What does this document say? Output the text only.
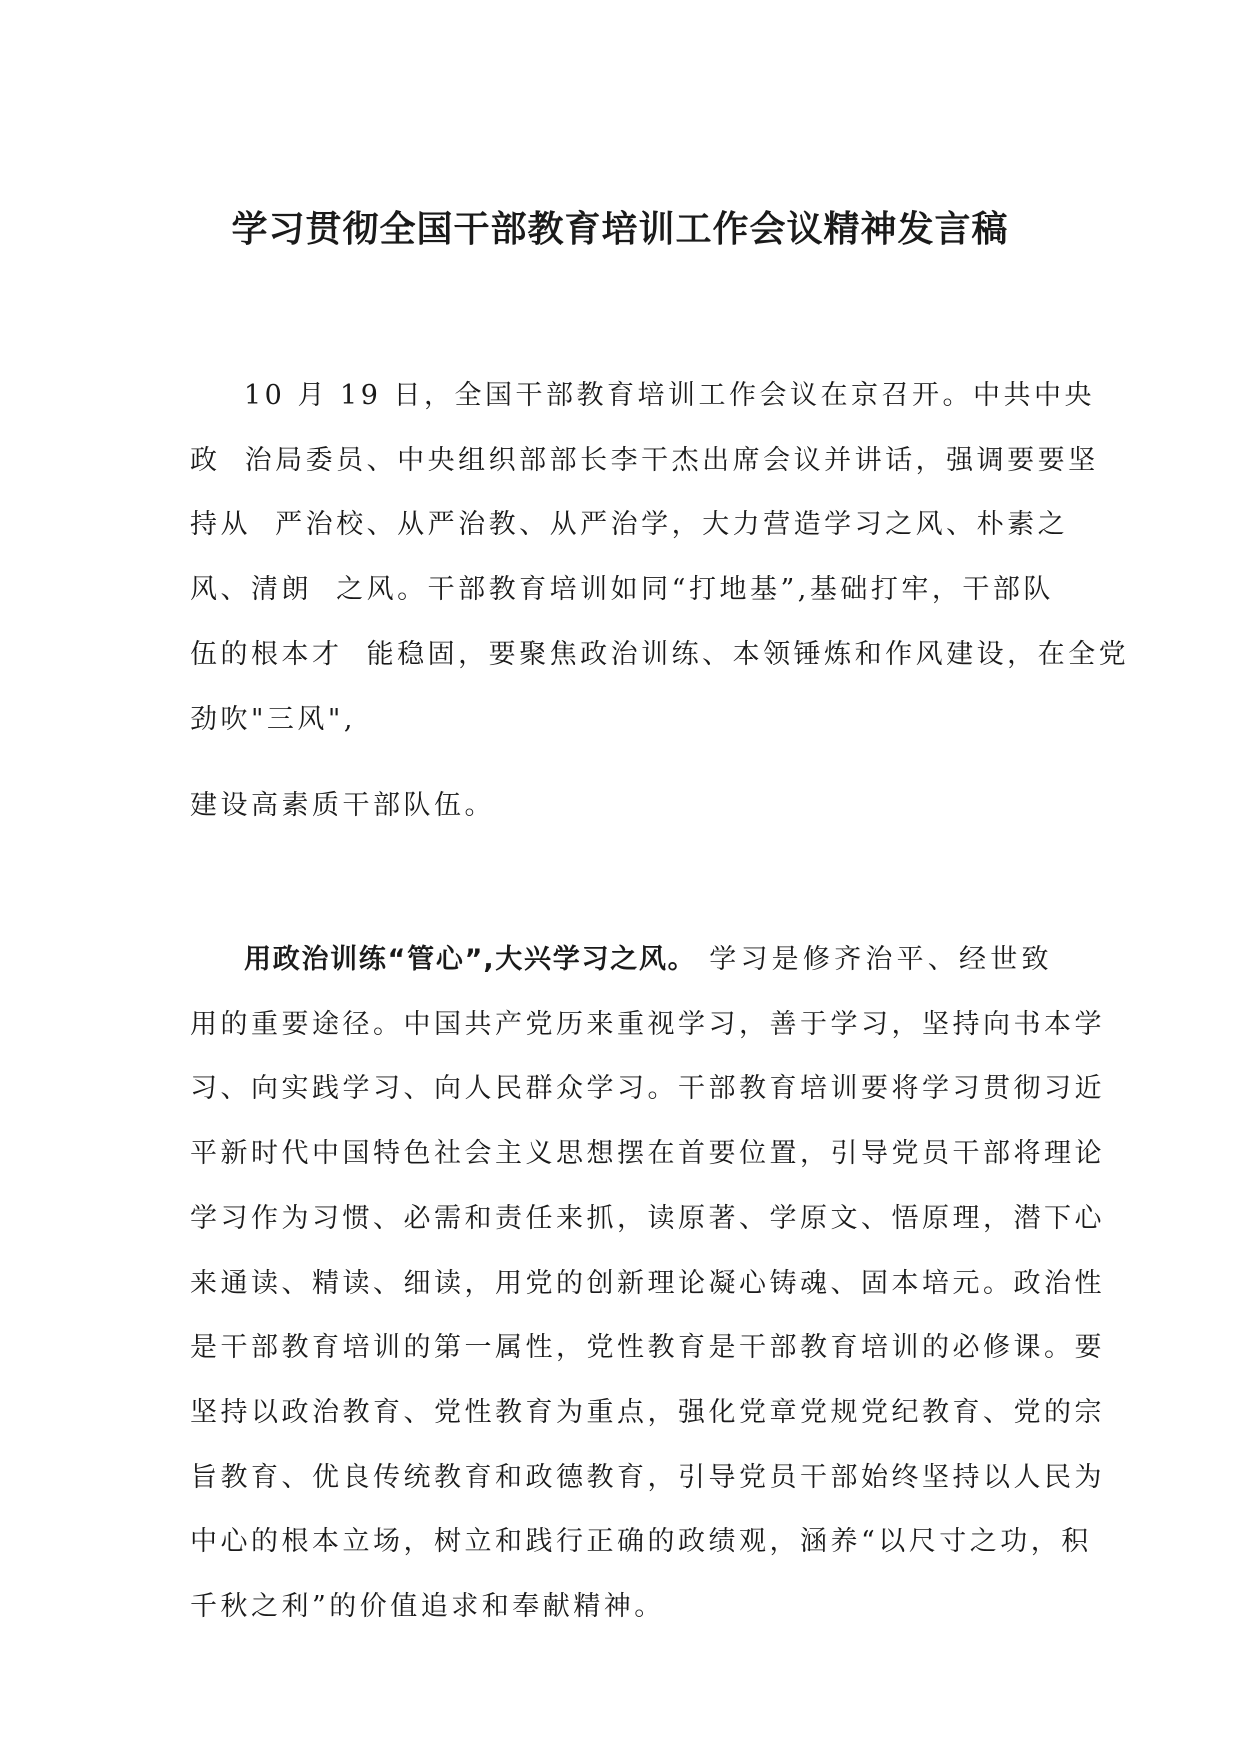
学习贯彻全国干部教育培训工作会议精神发言稿
10 月 19 日，全国干部教育培训工作会议在京召开。中共中央
政  治局委员、中央组织部部长李干杰出席会议并讲话，强调要要坚
持从  严治校、从严治教、从严治学，大力营造学习之风、朴素之
风、清朗  之风。干部教育培训如同“打地基”,基础打牢，干部队
伍的根本才  能稳固，要聚焦政治训练、本领锤炼和作风建设，在全党
劲吹"三风",
建设高素质干部队伍。
用政治训练“管心”,大兴学习之风。 学习是修齐治平、经世致
用的重要途径。中国共产党历来重视学习，善于学习，坚持向书本学
习、向实践学习、向人民群众学习。干部教育培训要将学习贯彻习近
平新时代中国特色社会主义思想摆在首要位置，引导党员干部将理论
学习作为习惯、必需和责任来抓，读原著、学原文、悟原理，潜下心
来通读、精读、细读，用党的创新理论凝心铸魂、固本培元。政治性
是干部教育培训的第一属性，党性教育是干部教育培训的必修课。要
坚持以政治教育、党性教育为重点，强化党章党规党纪教育、党的宗
旨教育、优良传统教育和政德教育，引导党员干部始终坚持以人民为
中心的根本立场，树立和践行正确的政绩观，涵养“以尺寸之功，积
千秋之利”的价值追求和奉献精神。
